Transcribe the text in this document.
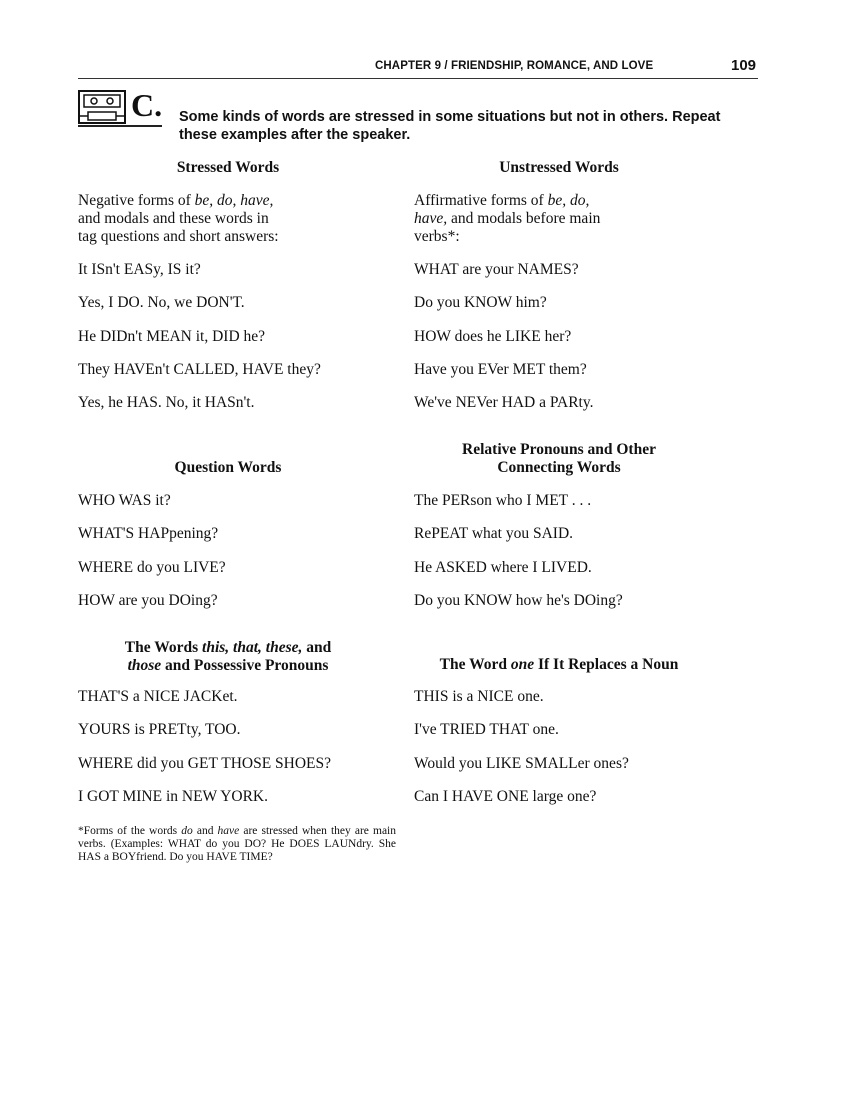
CHAPTER 9 / FRIENDSHIP, ROMANCE, AND LOVE	109
C. Some kinds of words are stressed in some situations but not in others. Repeat these examples after the speaker.
Stressed Words
Negative forms of be, do, have,
and modals and these words in
tag questions and short answers:
It ISn't EASy, IS it?
Yes, I DO. No, we DON'T.
He DIDn't MEAN it, DID he?
They HAVEn't CALLED, HAVE they?
Yes, he HAS. No, it HASn't.
Unstressed Words
Affirmative forms of be, do,
have, and modals before main
verbs*:
WHAT are your NAMES?
Do you KNOW him?
HOW does he LIKE her?
Have you EVer MET them?
We've NEVer HAD a PARty.
Question Words
WHO WAS it?
WHAT'S HAPpening?
WHERE do you LIVE?
HOW are you DOing?
Relative Pronouns and Other
Connecting Words
The PERson who I MET . . .
RePEAT what you SAID.
He ASKED where I LIVED.
Do you KNOW how he's DOing?
The Words this, that, these, and
those and Possessive Pronouns
THAT'S a NICE JACKet.
YOURS is PRETty, TOO.
WHERE did you GET THOSE SHOES?
I GOT MINE in NEW YORK.
The Word one If It Replaces a Noun
THIS is a NICE one.
I've TRIED THAT one.
Would you LIKE SMALLer ones?
Can I HAVE ONE large one?
*Forms of the words do and have are stressed when they are main verbs. (Examples: WHAT do you DO? He DOES LAUNdry. She HAS a BOYfriend. Do you HAVE TIME?
